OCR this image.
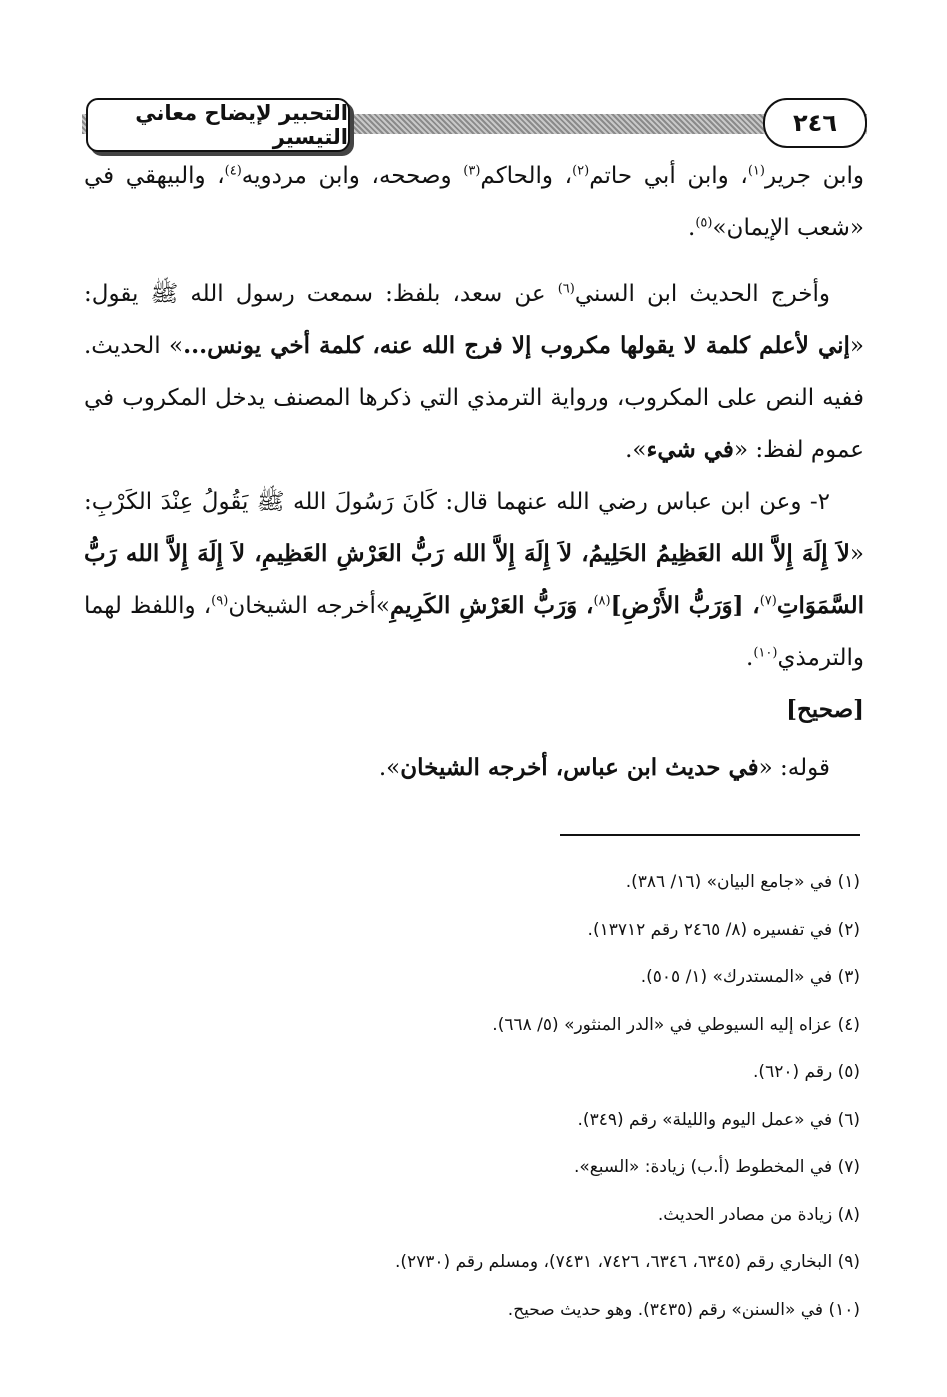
التحبير لإيضاح معاني التيسير	٢٤٦

وابن جرير$^{(١)}$، وابن أبي حاتم$^{(٢)}$، والحاكم$^{(٣)}$ وصححه، وابن مردويه$^{(٤)}$، والبيهقي في «شعب الإيمان»$^{(٥)}$.

وأخرج الحديث ابن السني$^{(٦)}$ عن سعد، بلفظ: سمعت رسول الله ﷺ يقول: «إني لأعلم كلمة لا يقولها مكروب إلا فرج الله عنه، كلمة أخي يونس...» الحديث. ففيه النص على المكروب، ورواية الترمذي التي ذكرها المصنف يدخل المكروب في عموم لفظ: «في شيء».

٢- وعن ابن عباس رضي الله عنهما قال: كَانَ رَسُولَ الله ﷺ يَقُولُ عِنْدَ الكَرْبِ: «لاَ إِلَهَ إِلاَّ الله العَظِيمُ الحَلِيمُ، لاَ إِلَهَ إِلاَّ الله رَبُّ العَرْشِ العَظِيمِ، لاَ إِلَهَ إِلاَّ الله رَبُّ السَّمَوَاتِ$^{(٧)}$، [وَرَبُّ الأَرْضِ]$^{(٨)}$، وَرَبُّ العَرْشِ الكَرِيمِ»أخرجه الشيخان$^{(٩)}$، واللفظ لهما والترمذي$^{(١٠)}$.
[صحيح]

قوله: «في حديث ابن عباس، أخرجه الشيخان».

(١) في «جامع البيان» (١٦/ ٣٨٦).

(٢) في تفسيره (٨/ ٢٤٦٥ رقم ١٣٧١٢).

(٣) في «المستدرك» (١/ ٥٠٥).

(٤) عزاه إليه السيوطي في «الدر المنثور» (٥/ ٦٦٨).

(٥) رقم (٦٢٠).

(٦) في «عمل اليوم والليلة» رقم (٣٤٩).

(٧) في المخطوط (أ.ب) زيادة: «السبع».

(٨) زيادة من مصادر الحديث.

(٩) البخاري رقم (٦٣٤٥، ٦٣٤٦، ٧٤٢٦، ٧٤٣١)، ومسلم رقم (٢٧٣٠).

(١٠) في «السنن» رقم (٣٤٣٥). وهو حديث صحيح.
